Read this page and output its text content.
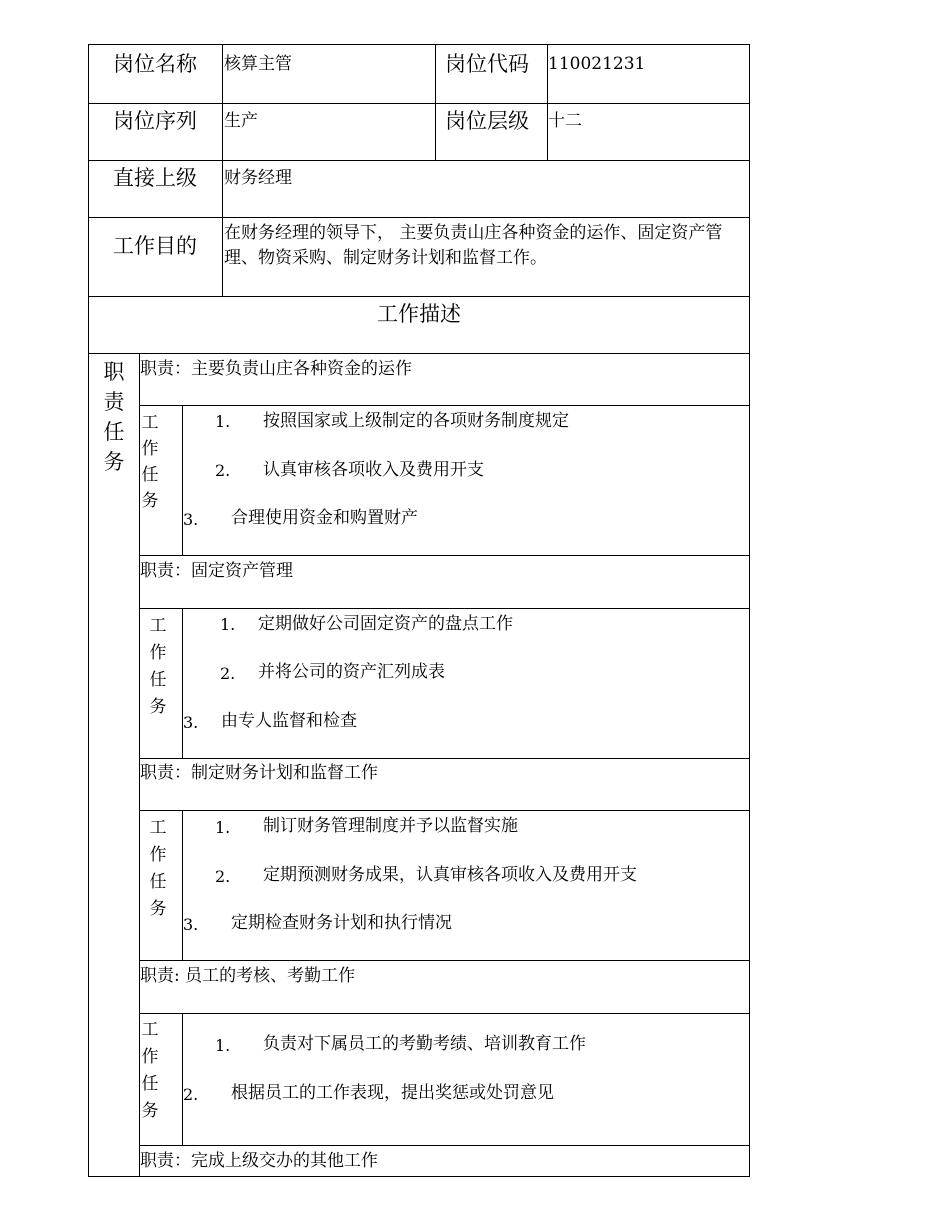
岗位名称 核算主管	岗位代码 110021231
岗位序列 生产	岗位层级 十二
直接上级 财务经理
工作目的
在财务经理的领导下， 主要负责山庄各种资金的运作、固定资产管理、物资采购、制定财务计划和监督工作。
工作描述
职责任务
职责：主要负责山庄各种资金的运作
工作任务
1. 按照国家或上级制定的各项财务制度规定
2. 认真审核各项收入及费用开支
3. 合理使用资金和购置财产
职责：固定资产管理
工作任务
1. 定期做好公司固定资产的盘点工作
2. 并将公司的资产汇列成表
3. 由专人监督和检查
职责：制定财务计划和监督工作
工作任务
1. 制订财务管理制度并予以监督实施
2. 定期预测财务成果，认真审核各项收入及费用开支
3. 定期检查财务计划和执行情况
职责: 员工的考核、考勤工作
工作任务
1. 负责对下属员工的考勤考绩、培训教育工作
2. 根据员工的工作表现，提出奖惩或处罚意见
职责：完成上级交办的其他工作
